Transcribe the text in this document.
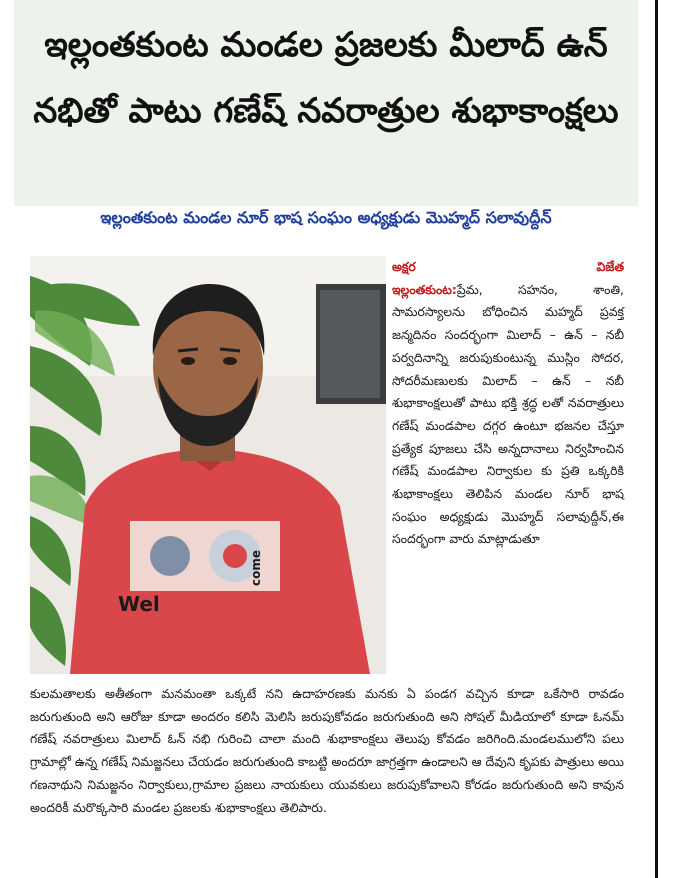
ఇల్లంతకుంట మండల ప్రజలకు మీలాద్ ఉన్ నభితో పాటు గణేష్ నవరాత్రుల శుభాకాంక్షలు
ఇల్లంతకుంట మండల నూర్ భాష సంఘం అధ్యక్షుడు మొహ్మద్ సలావుద్దీన్
Wel
come
అక్షర	విజేత
ఇల్లంతకుంట:ప్రేమ, సహనం, శాంతి, సామరస్యాలను బోధించిన మహ్మద్ ప్రవక్త జన్మదినం సందర్భంగా మిలాద్ – ఉన్ – నబీ పర్వదినాన్ని జరుపుకుంటున్న ముస్లిం సోదర, సోదరీమణులకు మిలాద్ – ఉన్ – నబీ శుభాకాంక్షలుతో పాటు భక్తి శ్రద్ధ లతో నవరాత్రులు గణేష్ మండపాల దగ్గర ఉంటూ భజనల చేస్తూ ప్రత్యేక పూజలు చేసి అన్నదానాలు నిర్వహించిన గణేష్ మండపాల నిర్వాకుల కు ప్రతి ఒక్కరికి శుభాకాంక్షలు తెలిపిన మండల నూర్ భాష సంఘం అధ్యక్షుడు మొహ్మద్ సలావుద్దీన్,ఈ సందర్భంగా వారు మాట్లాడుతూ
కులమతాలకు అతీతంగా మనమంతా ఒక్కటే నని ఉదాహరణకు మనకు ఏ పండగ వచ్చిన కూడా ఒకేసారి రావడం జరుగుతుంది అని ఆరోజు కూడా అందరం కలిసి మెలిసి జరుపుకోవడం జరుగుతుంది అని సోషల్ మీడియాలో కూడా ఓనమ్ గణేష్ నవరాత్రులు మిలాద్ ఓన్ నభి గురించి చాలా మంది శుభాకాంక్షలు తెలుపు కోవడం జరిగింది.మండలములోని పలు గ్రామాల్లో ఉన్న గణేష్ నిమజ్జనలు చేయడం జరుగుతుంది కాబట్టి అందరూ జాగ్రత్తగా ఉండాలని ఆ దేవుని కృపకు పాత్రులు అయి గణనాథుని నిమజ్జనం నిర్వాకులు,గ్రామాల ప్రజలు నాయకులు యువకులు జరుపుకోవాలని కోరడం జరుగుతుంది అని కావున అందరికీ మరొక్కసారి మండల ప్రజలకు శుభాకాంక్షలు తెలిపారు.
